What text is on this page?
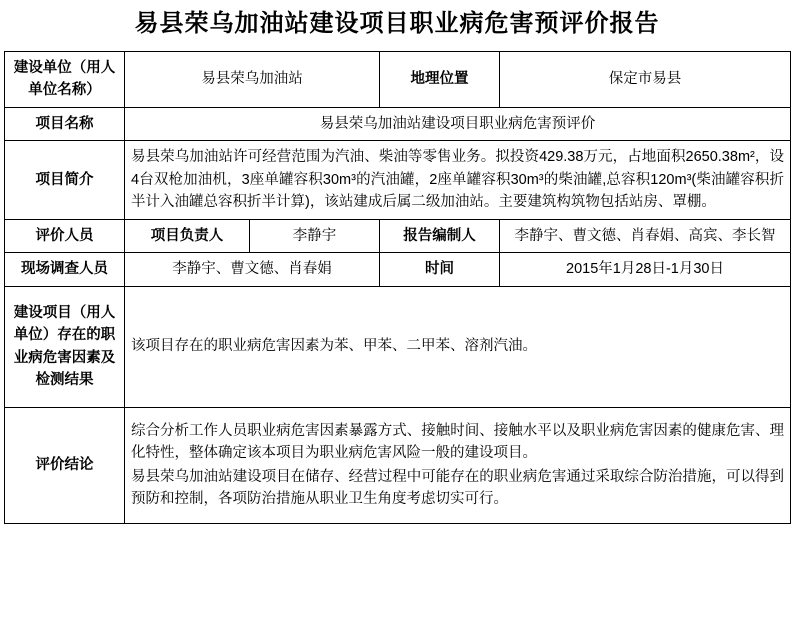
易县荣乌加油站建设项目职业病危害预评价报告
建设单位（用人单位名称）	易县荣乌加油站		地理位置	保定市易县
项目名称	易县荣乌加油站建设项目职业病危害预评价			
项目简介	易县荣乌加油站许可经营范围为汽油、柴油等零售业务。拟投资429.38万元，占地面积2650.38m²，设4台双枪加油机，3座单罐容积30m³的汽油罐，2座单罐容积30m³的柴油罐,总容积120m³(柴油罐容积折半计入油罐总容积折半计算)，该站建成后属二级加油站。主要建筑构筑物包括站房、罩棚。			
评价人员	项目负责人	李静宇	报告编制人	李静宇、曹文德、肖春娟、高宾、李长智
现场调查人员	李静宇、曹文德、肖春娟		时间	2015年1月28日-1月30日
建设项目（用人单位）存在的职业病危害因素及检测结果	该项目存在的职业病危害因素为苯、甲苯、二甲苯、溶剂汽油。			
评价结论	综合分析工作人员职业病危害因素暴露方式、接触时间、接触水平以及职业病危害因素的健康危害、理化特性，整体确定该本项目为职业病危害风险一般的建设项目。

易县荣乌加油站建设项目在储存、经营过程中可能存在的职业病危害通过采取综合防治措施，可以得到预防和控制，各项防治措施从职业卫生角度考虑切实可行。			
